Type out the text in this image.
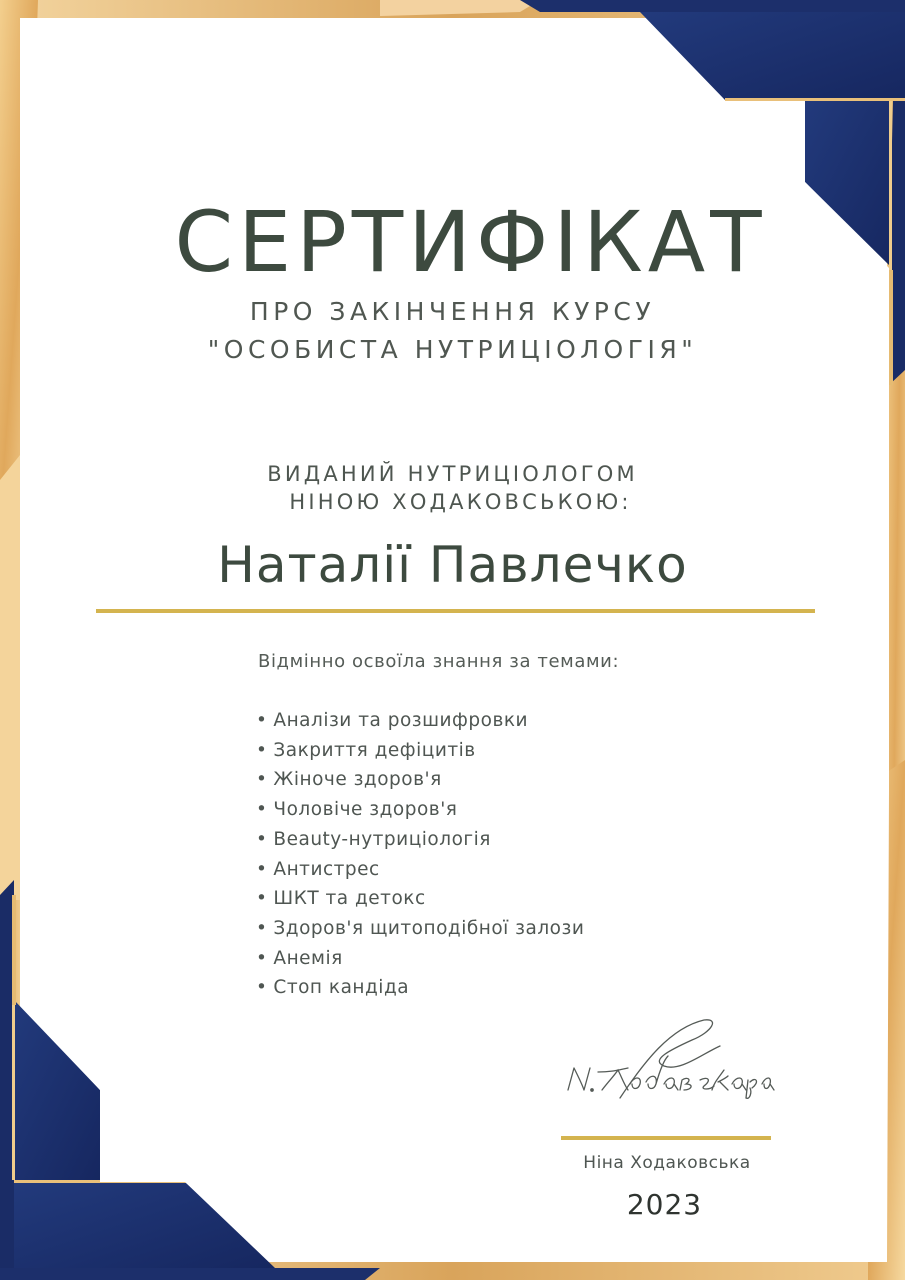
СЕРТИФІКАТ
ПРО ЗАКІНЧЕННЯ КУРСУ
"ОСОБИСТА НУТРИЦІОЛОГІЯ"
ВИДАНИЙ НУТРИЦІОЛОГОМ
НІНОЮ ХОДАКОВСЬКОЮ:
Наталії Павлечко
Відмінно освоїла знання за темами:
• Аналізи та розшифровки
• Закриття дефіцитів
• Жіноче здоров'я
• Чоловіче здоров'я
• Beauty-нутриціологія
• Антистрес
• ШКТ та детокс
• Здоров'я щитоподібної залози
• Анемія
• Стоп кандіда
Ніна Ходаковська
2023
